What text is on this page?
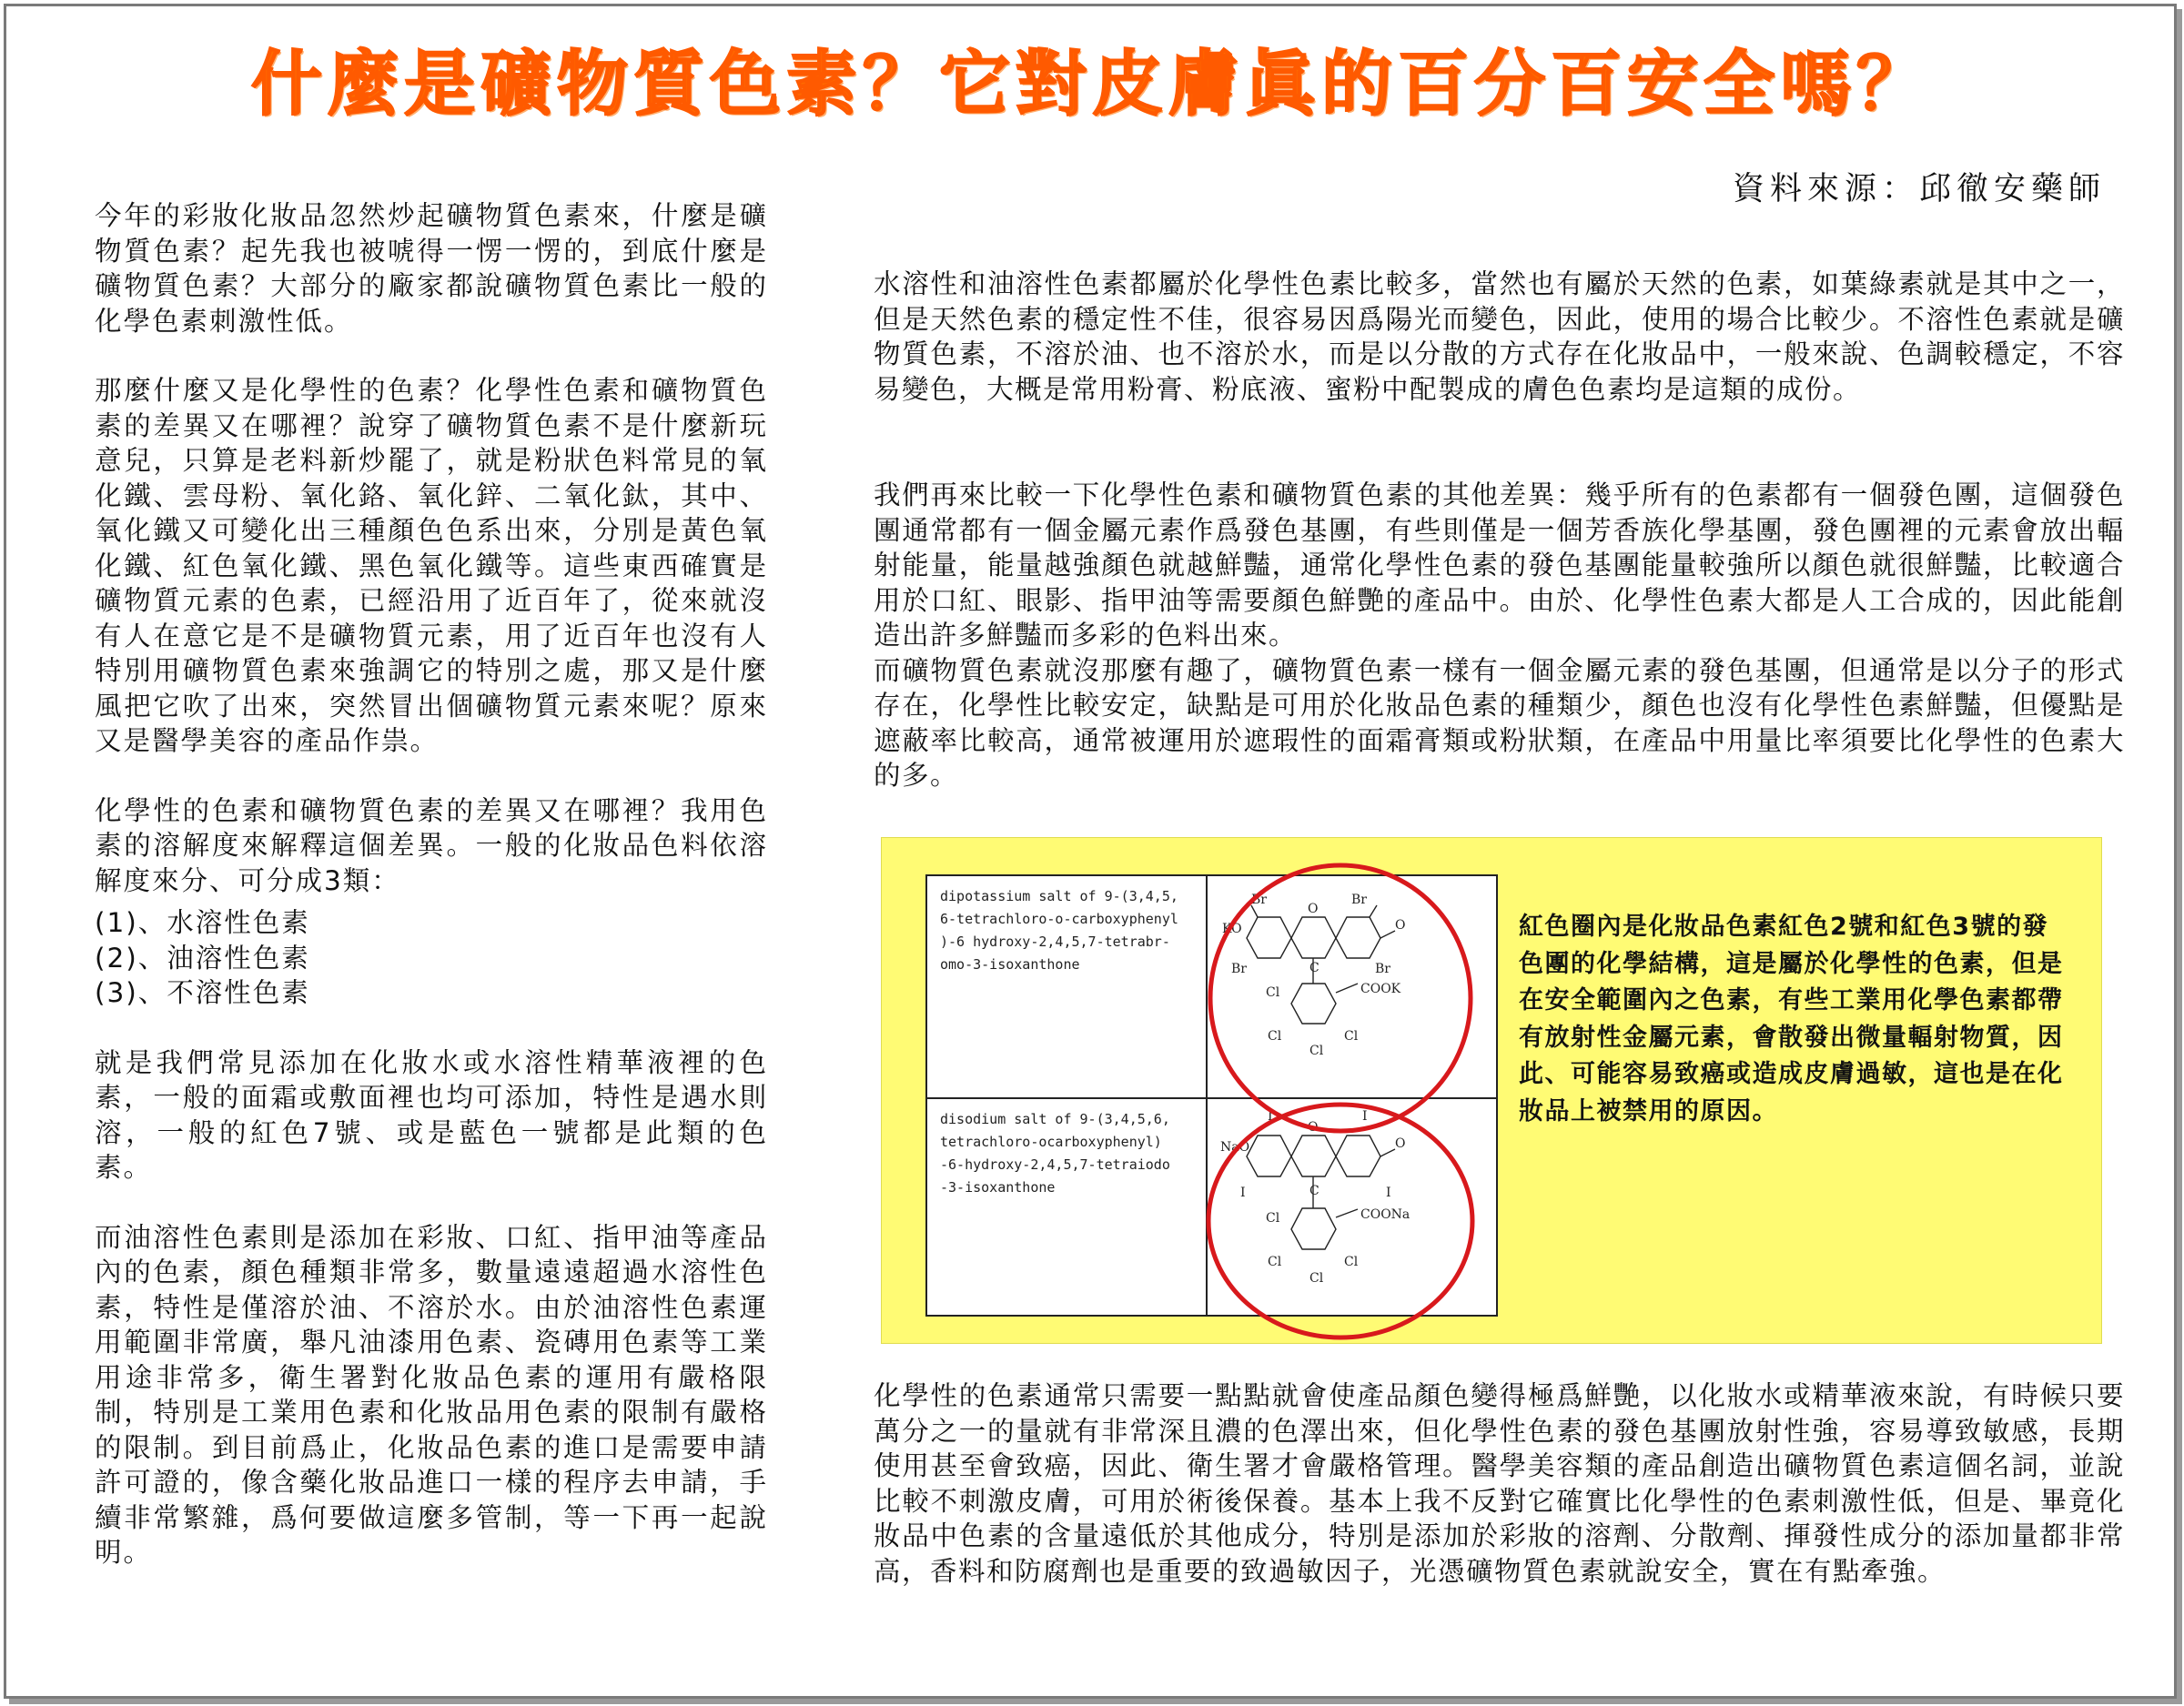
什麼是礦物質色素？它對皮膚眞的百分百安全嗎？
資料來源：邱徹安藥師

今年的彩妝化妝品忽然炒起礦物質色素來，什麼是礦物質色素？起先我也被唬得一愣一愣的，到底什麼是礦物質色素？大部分的廠家都說礦物質色素比一般的化學色素刺激性低。

那麼什麼又是化學性的色素？化學性色素和礦物質色素的差異又在哪裡？說穿了礦物質色素不是什麼新玩意兒，只算是老料新炒罷了，就是粉狀色料常見的氧化鐵、雲母粉、氧化鉻、氧化鋅、二氧化鈦，其中、氧化鐵又可變化出三種顏色色系出來，分別是黃色氧化鐵、紅色氧化鐵、黑色氧化鐵等。這些東西確實是礦物質元素的色素，已經沿用了近百年了，從來就沒有人在意它是不是礦物質元素，用了近百年也沒有人特別用礦物質色素來強調它的特別之處，那又是什麼風把它吹了出來，突然冒出個礦物質元素來呢？原來又是醫學美容的產品作祟。

化學性的色素和礦物質色素的差異又在哪裡？我用色素的溶解度來解釋這個差異。一般的化妝品色料依溶解度來分、可分成3類：

(1)、水溶性色素
(2)、油溶性色素
(3)、不溶性色素

就是我們常見添加在化妝水或水溶性精華液裡的色素，一般的面霜或敷面裡也均可添加，特性是遇水則溶，一般的紅色7號、或是藍色一號都是此類的色素。

而油溶性色素則是添加在彩妝、口紅、指甲油等產品內的色素，顏色種類非常多，數量遠遠超過水溶性色素，特性是僅溶於油、不溶於水。由於油溶性色素運用範圍非常廣，舉凡油漆用色素、瓷磚用色素等工業用途非常多，衛生署對化妝品色素的運用有嚴格限制，特別是工業用色素和化妝品用色素的限制有嚴格的限制。到目前爲止，化妝品色素的進口是需要申請許可證的，像含藥化妝品進口一樣的程序去申請，手續非常繁雜，爲何要做這麼多管制，等一下再一起說明。

水溶性和油溶性色素都屬於化學性色素比較多，當然也有屬於天然的色素，如葉綠素就是其中之一，但是天然色素的穩定性不佳，很容易因爲陽光而變色，因此，使用的場合比較少。不溶性色素就是礦物質色素，不溶於油、也不溶於水，而是以分散的方式存在化妝品中，一般來說、色調較穩定，不容易變色，大概是常用粉膏、粉底液、蜜粉中配製成的膚色色素均是這類的成份。

我們再來比較一下化學性色素和礦物質色素的其他差異：幾乎所有的色素都有一個發色團，這個發色團通常都有一個金屬元素作爲發色基團，有些則僅是一個芳香族化學基團，發色團裡的元素會放出輻射能量，能量越強顏色就越鮮豔，通常化學性色素的發色基團能量較強所以顏色就很鮮豔，比較適合用於口紅、眼影、指甲油等需要顏色鮮艷的產品中。由於、化學性色素大都是人工合成的，因此能創造出許多鮮豔而多彩的色料出來。

而礦物質色素就沒那麼有趣了，礦物質色素一樣有一個金屬元素的發色基團，但通常是以分子的形式存在，化學性比較安定，缺點是可用於化妝品色素的種類少，顏色也沒有化學性色素鮮豔，但優點是遮蔽率比較高，通常被運用於遮瑕性的面霜膏類或粉狀類，在產品中用量比率須要比化學性的色素大的多。

dipotassium salt of 9-(3,4,5,
6-tetrachloro-o-carboxyphenyl
)-6 hydroxy-2,4,5,7-tetrabr-
omo-3-isoxanthone
disodium salt of 9-(3,4,5,6,
tetrachloro-ocarboxyphenyl)
-6-hydroxy-2,4,5,7-tetraiodo
-3-isoxanthone
Br	Br
KO
O
O
Br	C	Br
Cl	COOK
Cl	Cl
Cl
I	I
NaO
O
O
I	C	I
Cl	COONa
Cl	Cl
Cl
紅色圈內是化妝品色素紅色2號和紅色3號的發色團的化學結構，這是屬於化學性的色素，但是在安全範圍內之色素，有些工業用化學色素都帶有放射性金屬元素，會散發出微量輻射物質，因此、可能容易致癌或造成皮膚過敏，這也是在化妝品上被禁用的原因。

化學性的色素通常只需要一點點就會使產品顏色變得極爲鮮艷，以化妝水或精華液來說，有時候只要萬分之一的量就有非常深且濃的色澤出來，但化學性色素的發色基團放射性強，容易導致敏感，長期使用甚至會致癌，因此、衛生署才會嚴格管理。醫學美容類的產品創造出礦物質色素這個名詞，並說比較不刺激皮膚，可用於術後保養。基本上我不反對它確實比化學性的色素刺激性低，但是、畢竟化妝品中色素的含量遠低於其他成分，特別是添加於彩妝的溶劑、分散劑、揮發性成分的添加量都非常高，香料和防腐劑也是重要的致過敏因子，光憑礦物質色素就說安全，實在有點牽強。
